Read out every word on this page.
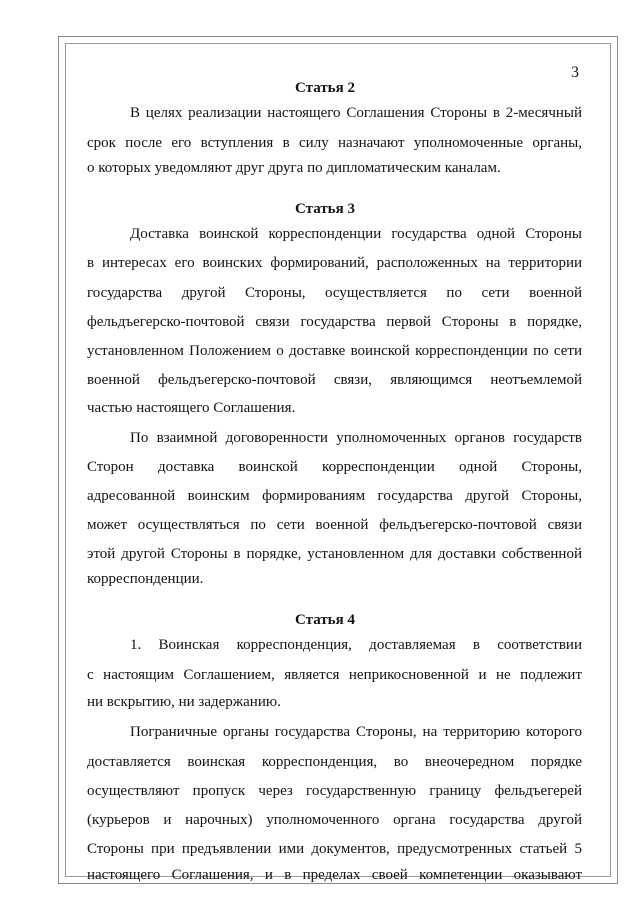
3
Статья 2
В целях реализации настоящего Соглашения Стороны в 2-месячный
срок после его вступления в силу назначают уполномоченные органы,
о которых уведомляют друг друга по дипломатическим каналам.
Статья 3
Доставка воинской корреспонденции государства одной Стороны
в интересах его воинских формирований, расположенных на территории
государства другой Стороны, осуществляется по сети военной
фельдъегерско-почтовой связи государства первой Стороны в порядке,
установленном Положением о доставке воинской корреспонденции по сети
военной фельдъегерско-почтовой связи, являющимся неотъемлемой
частью настоящего Соглашения.
По взаимной договоренности уполномоченных органов государств
Сторон доставка воинской корреспонденции одной Стороны,
адресованной воинским формированиям государства другой Стороны,
может осуществляться по сети военной фельдъегерско-почтовой связи
этой другой Стороны в порядке, установленном для доставки собственной
корреспонденции.
Статья 4
1. Воинская корреспонденция, доставляемая в соответствии
с настоящим Соглашением, является неприкосновенной и не подлежит
ни вскрытию, ни задержанию.
Пограничные органы государства Стороны, на территорию которого
доставляется воинская корреспонденция, во внеочередном порядке
осуществляют пропуск через государственную границу фельдъегерей
(курьеров и нарочных) уполномоченного органа государства другой
Стороны при предъявлении ими документов, предусмотренных статьей 5
настоящего Соглашения, и в пределах своей компетенции оказывают
